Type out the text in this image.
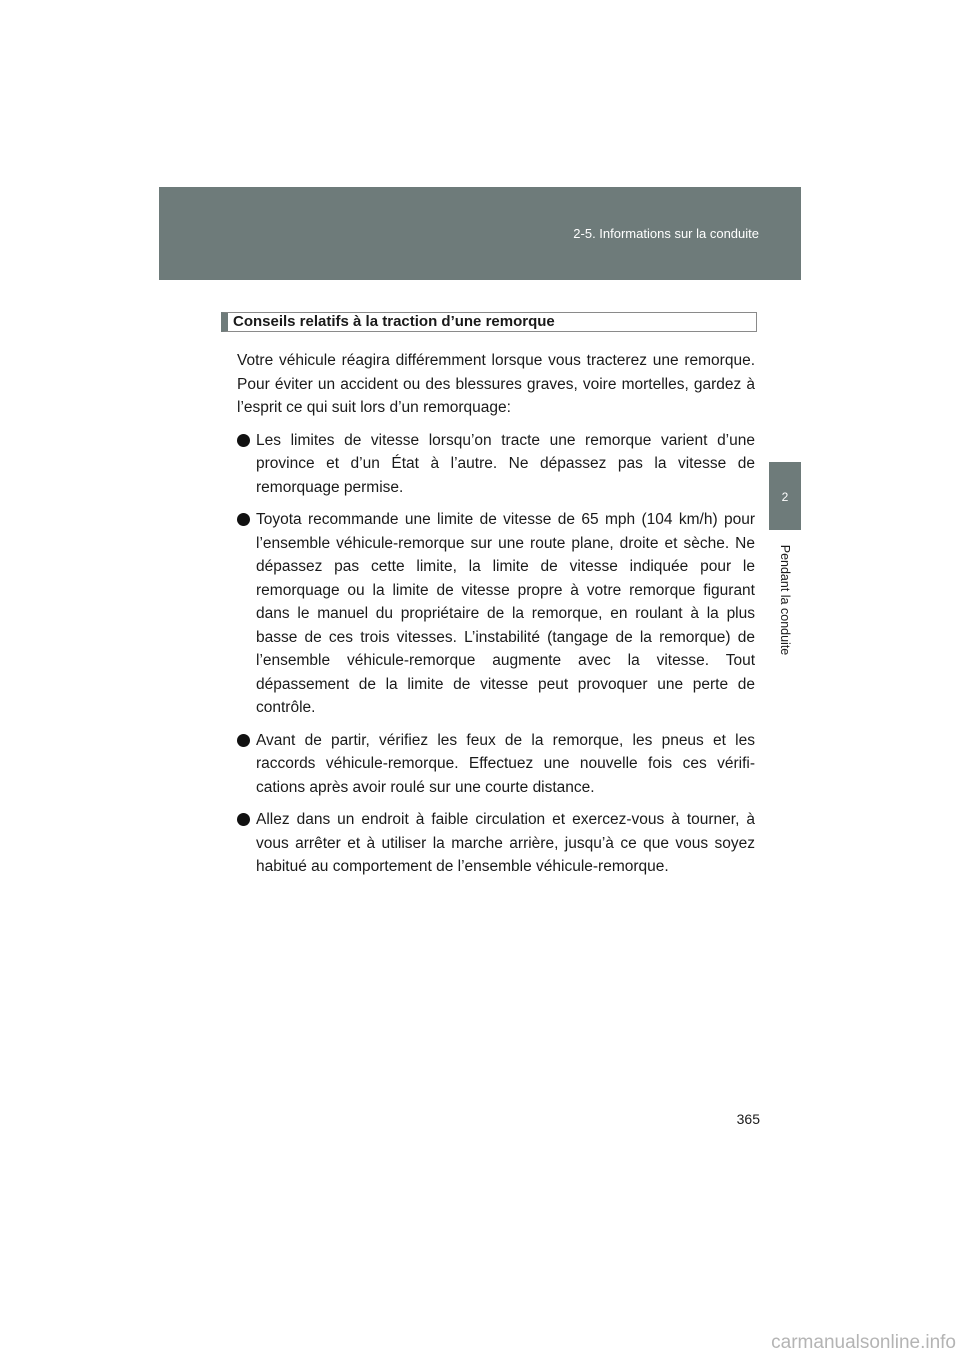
2-5. Informations sur la conduite
2
Pendant la conduite
Conseils relatifs à la traction d’une remorque

Votre véhicule réagira différemment lorsque vous tracterez une remorque. Pour éviter un accident ou des blessures graves, voire mortelles, gardez à l’esprit ce qui suit lors d’un remorquage:

Les limites de vitesse lorsqu’on tracte une remorque varient d’une province et d’un État à l’autre. Ne dépassez pas la vitesse de remorquage permise.
Toyota recommande une limite de vitesse de 65 mph (104 km/h) pour l’ensemble véhicule-remorque sur une route plane, droite et sèche. Ne dépassez pas cette limite, la limite de vitesse indiquée pour le remorquage ou la limite de vitesse propre à votre remorque figurant dans le manuel du propriétaire de la remorque, en roulant à la plus basse de ces trois vitesses. L’instabilité (tangage de la remorque) de l’ensemble véhicule-remorque augmente avec la vitesse. Tout dépassement de la limite de vitesse peut provoquer une perte de contrôle.
Avant de partir, vérifiez les feux de la remorque, les pneus et les raccords véhicule-remorque. Effectuez une nouvelle fois ces vérifications après avoir roulé sur une courte distance.
Allez dans un endroit à faible circulation et exercez-vous à tourner, à vous arrêter et à utiliser la marche arrière, jusqu’à ce que vous soyez habitué au comportement de l’ensemble véhicule-remorque.
365
carmanualsonline.info
